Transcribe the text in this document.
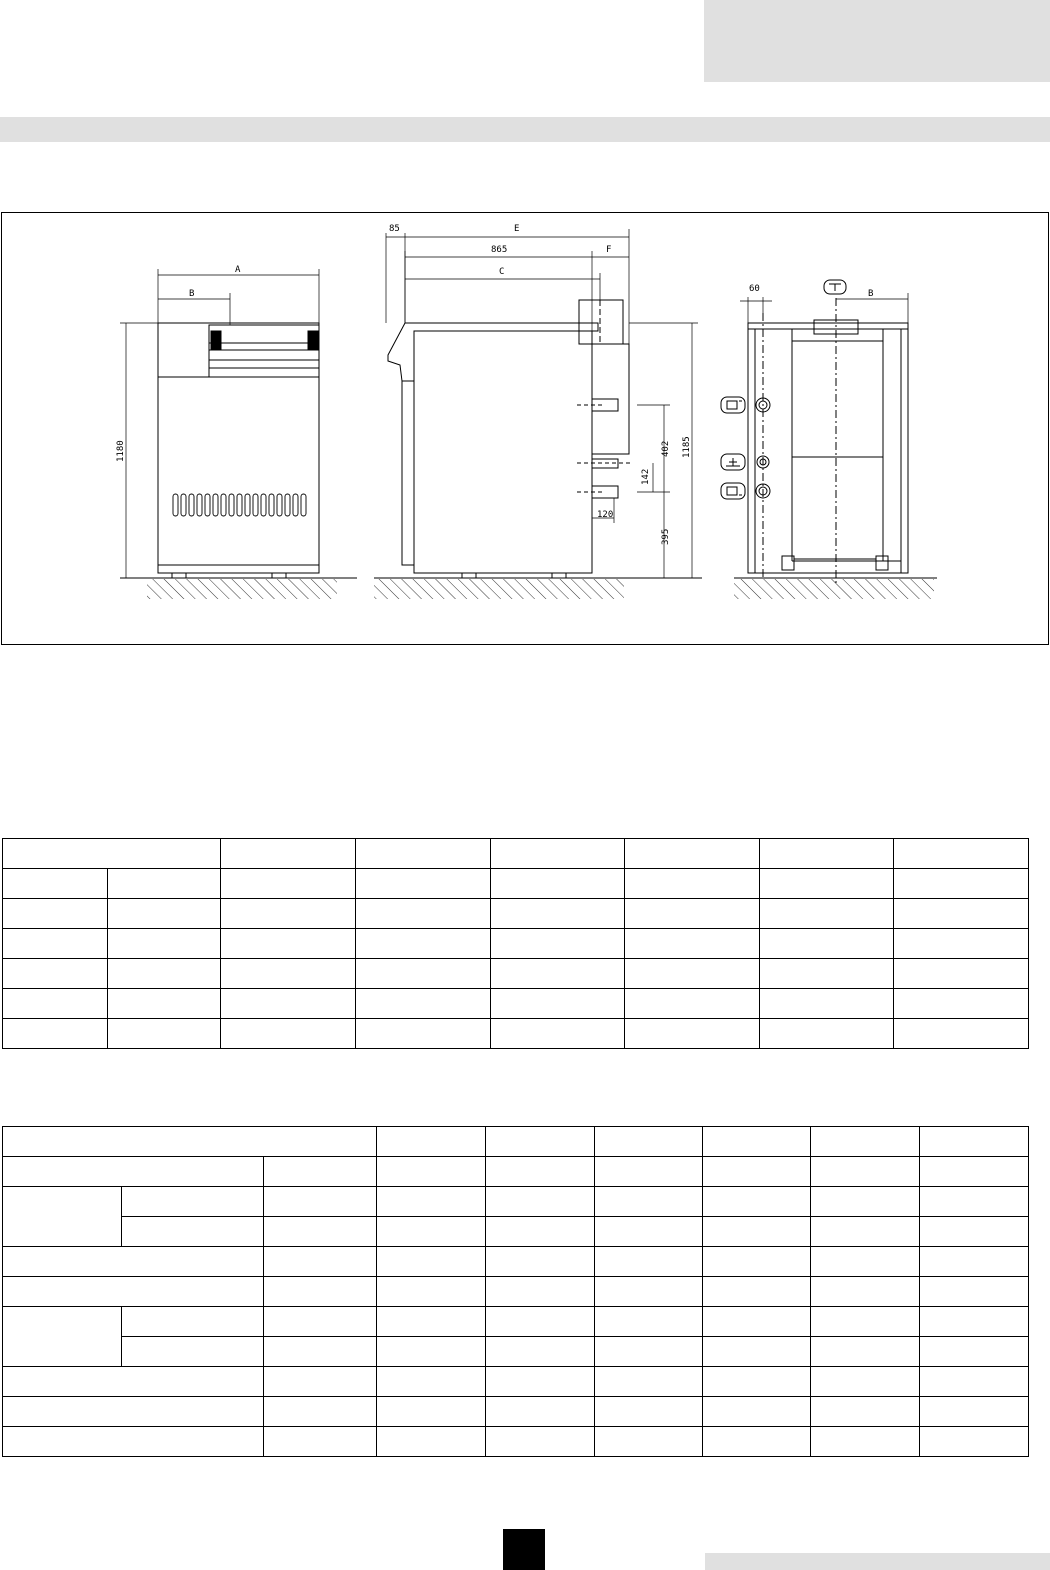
A
B
1180
85	E
865	F
C
402
142
120
395
1185
60	B
